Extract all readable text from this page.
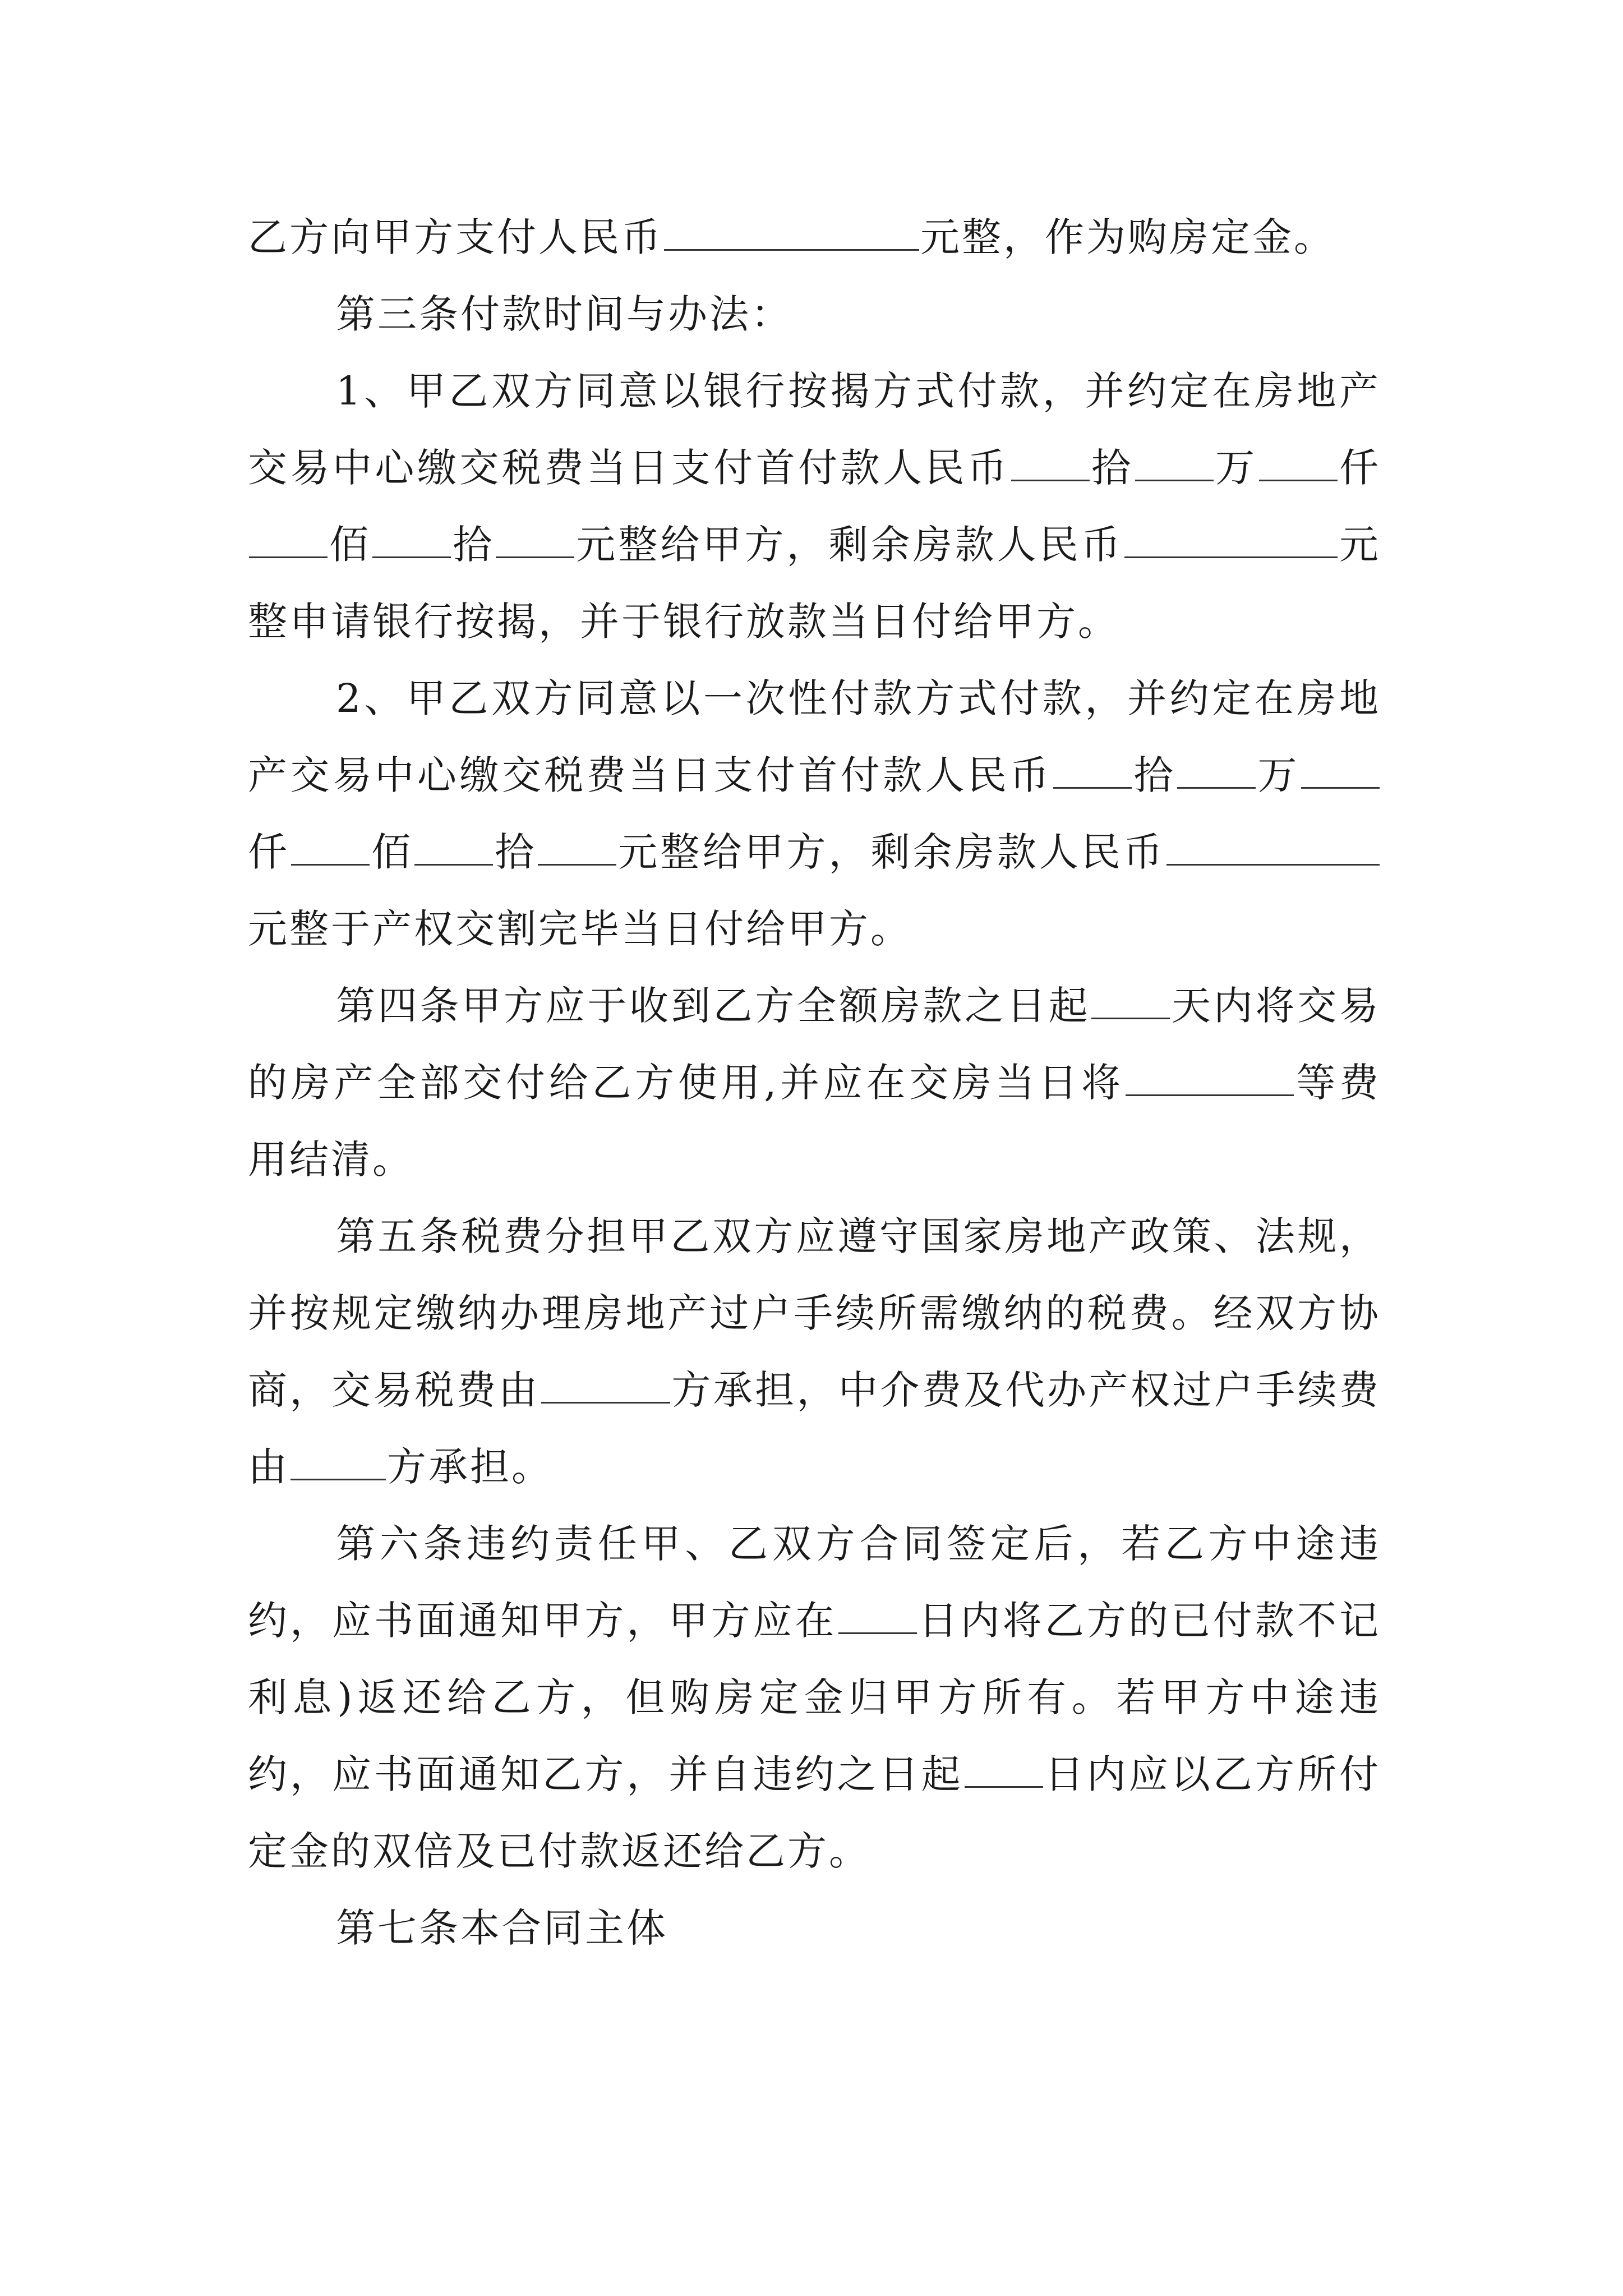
乙方向甲方支付人民币	元整，作为购房定金。

第三条付款时间与办法：

1、甲乙双方同意以银行按揭方式付款，并约定在房地产交易中心缴交税费当日支付首付款人民币 拾 万 仟佰 拾 元整给甲方，剩余房款人民币	元整申请银行按揭，并于银行放款当日付给甲方。

2、甲乙双方同意以一次性付款方式付款，并约定在房地产交易中心缴交税费当日支付首付款人民币 拾 万仟 佰 拾 元整给甲方，剩余房款人民币元整于产权交割完毕当日付给甲方。

第四条甲方应于收到乙方全额房款之日起 天内将交易的房产全部交付给乙方使用,并应在交房当日将	等费用结清。

第五条税费分担甲乙双方应遵守国家房地产政策、法规，并按规定缴纳办理房地产过户手续所需缴纳的税费。经双方协商，交易税费由	方承担，中介费及代办产权过户手续费由 方承担。

第六条违约责任甲、乙双方合同签定后，若乙方中途违约，应书面通知甲方，甲方应在 日内将乙方的已付款不记利息)返还给乙方，但购房定金归甲方所有。若甲方中途违约，应书面通知乙方，并自违约之日起 日内应以乙方所付定金的双倍及已付款返还给乙方。

第七条本合同主体
